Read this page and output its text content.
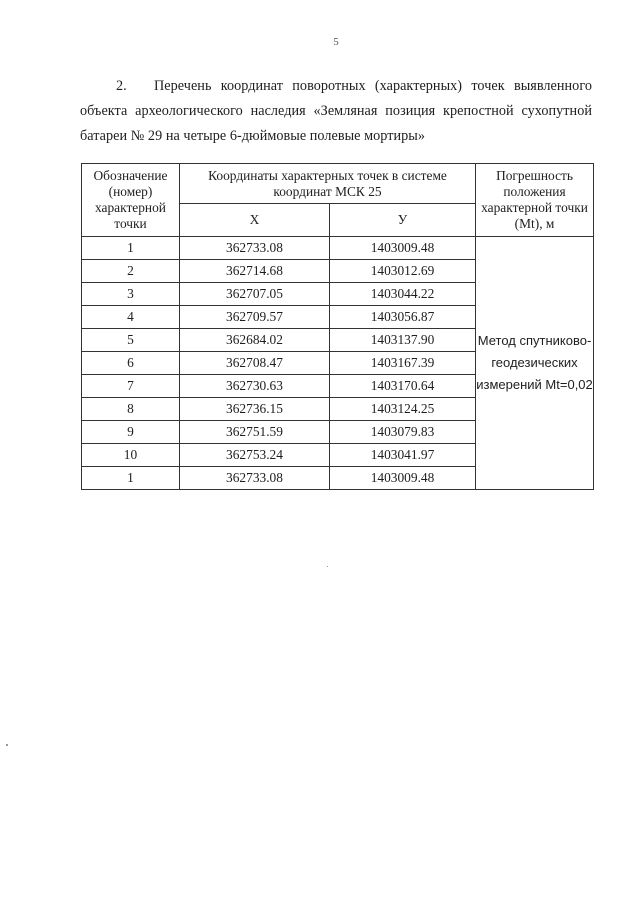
5

2. Перечень координат поворотных (характерных) точек выявленного объекта археологического наследия «Земляная позиция крепостной сухопутной батареи № 29 на четыре 6-дюймовые полевые мортиры»

Обозначение (номер) характерной точки	Координаты характерных точек в системе координат МСК 25		Погрешность положения характерной точки (Mt), м
	X	У	
1	362733.08	1403009.48	Метод спутниково-геодезических измерений Mt=0,02
2	362714.68	1403012.69	
3	362707.05	1403044.22	
4	362709.57	1403056.87	
5	362684.02	1403137.90	
6	362708.47	1403167.39	
7	362730.63	1403170.64	
8	362736.15	1403124.25	
9	362751.59	1403079.83	
10	362753.24	1403041.97	
1	362733.08	1403009.48	
